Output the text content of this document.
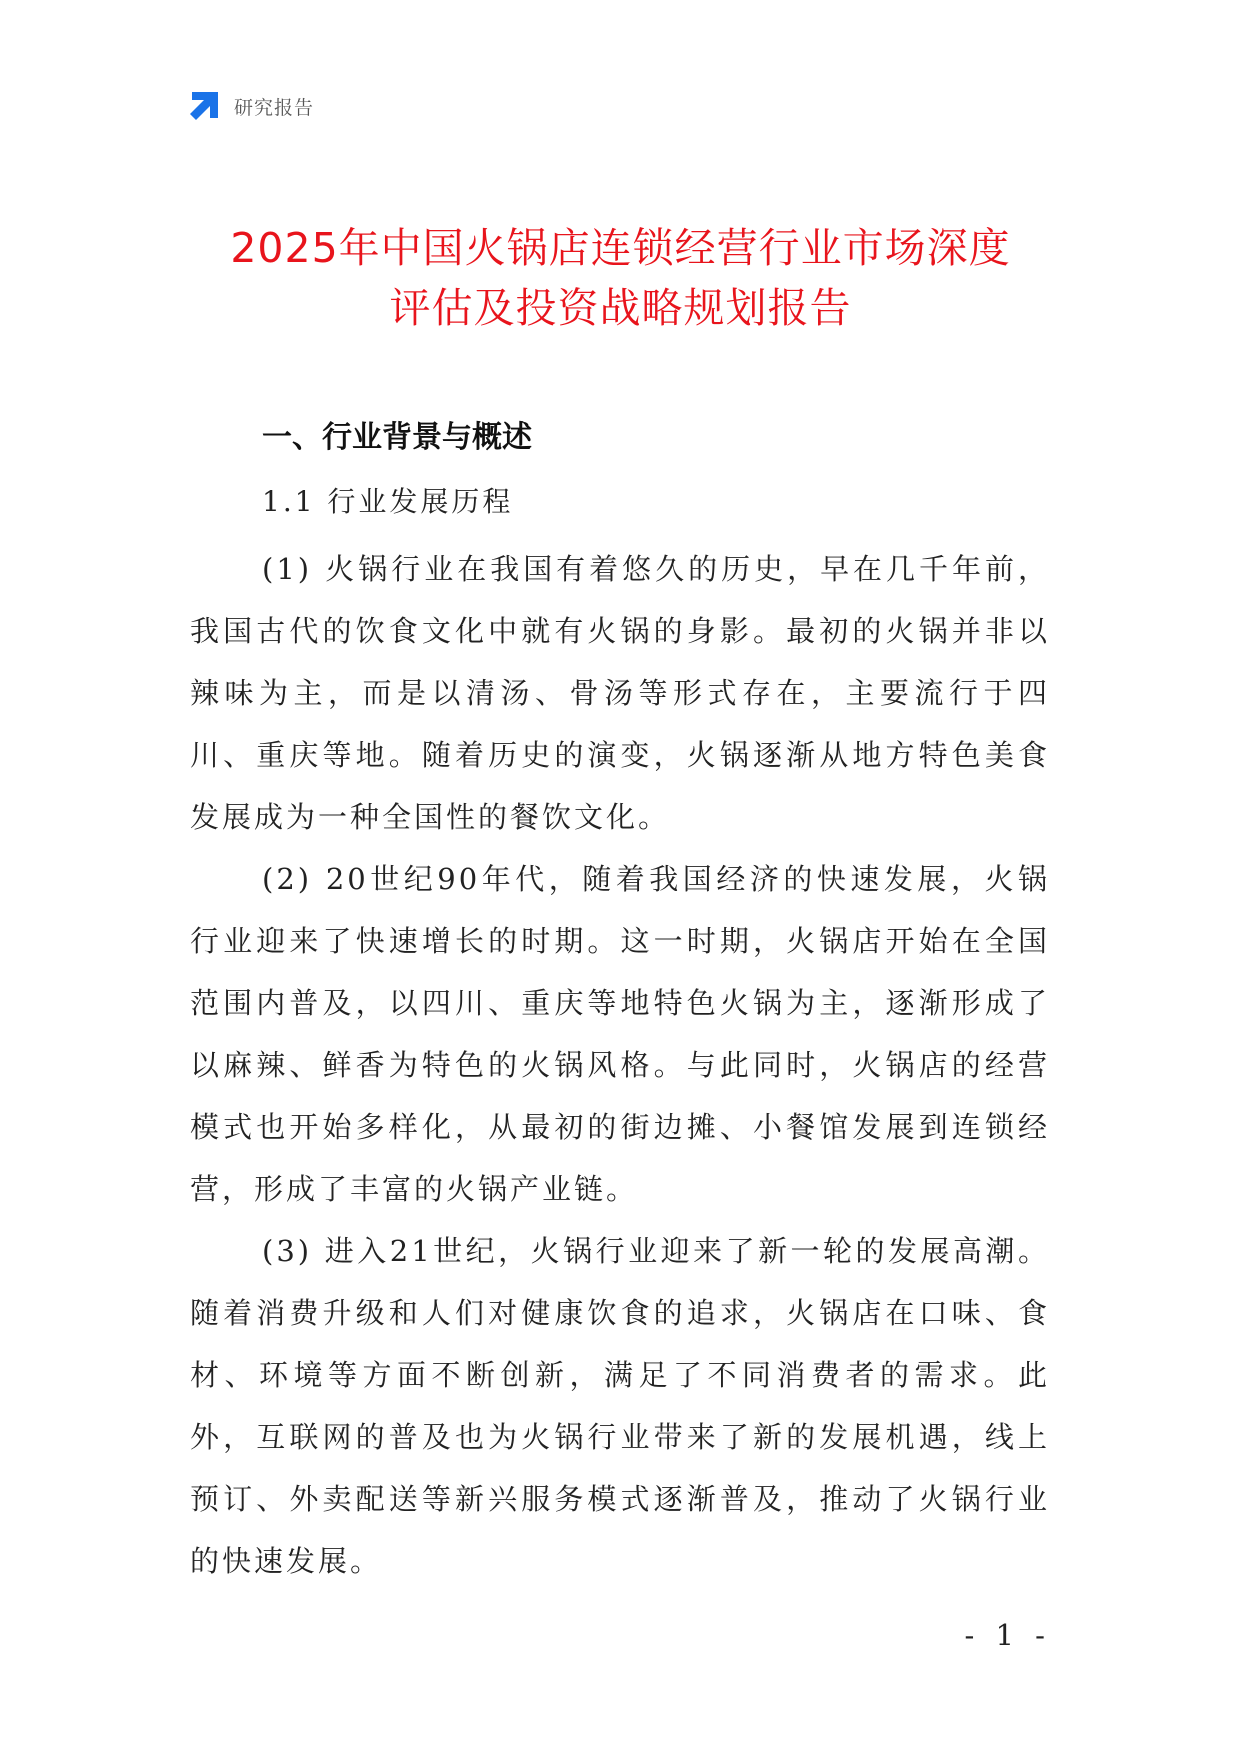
研究报告
2025年中国火锅店连锁经营行业市场深度
评估及投资战略规划报告
一、行业背景与概述
1.1 行业发展历程

(1) 火锅行业在我国有着悠久的历史，早在几千年前，我国古代的饮食文化中就有火锅的身影。最初的火锅并非以辣味为主，而是以清汤、骨汤等形式存在，主要流行于四川、重庆等地。随着历史的演变，火锅逐渐从地方特色美食发展成为一种全国性的餐饮文化。

(2) 20世纪90年代，随着我国经济的快速发展，火锅行业迎来了快速增长的时期。这一时期，火锅店开始在全国范围内普及，以四川、重庆等地特色火锅为主，逐渐形成了以麻辣、鲜香为特色的火锅风格。与此同时，火锅店的经营模式也开始多样化，从最初的街边摊、小餐馆发展到连锁经营，形成了丰富的火锅产业链。

(3) 进入21世纪，火锅行业迎来了新一轮的发展高潮。随着消费升级和人们对健康饮食的追求，火锅店在口味、食材、环境等方面不断创新，满足了不同消费者的需求。此外，互联网的普及也为火锅行业带来了新的发展机遇，线上预订、外卖配送等新兴服务模式逐渐普及，推动了火锅行业的快速发展。

- 1 -
